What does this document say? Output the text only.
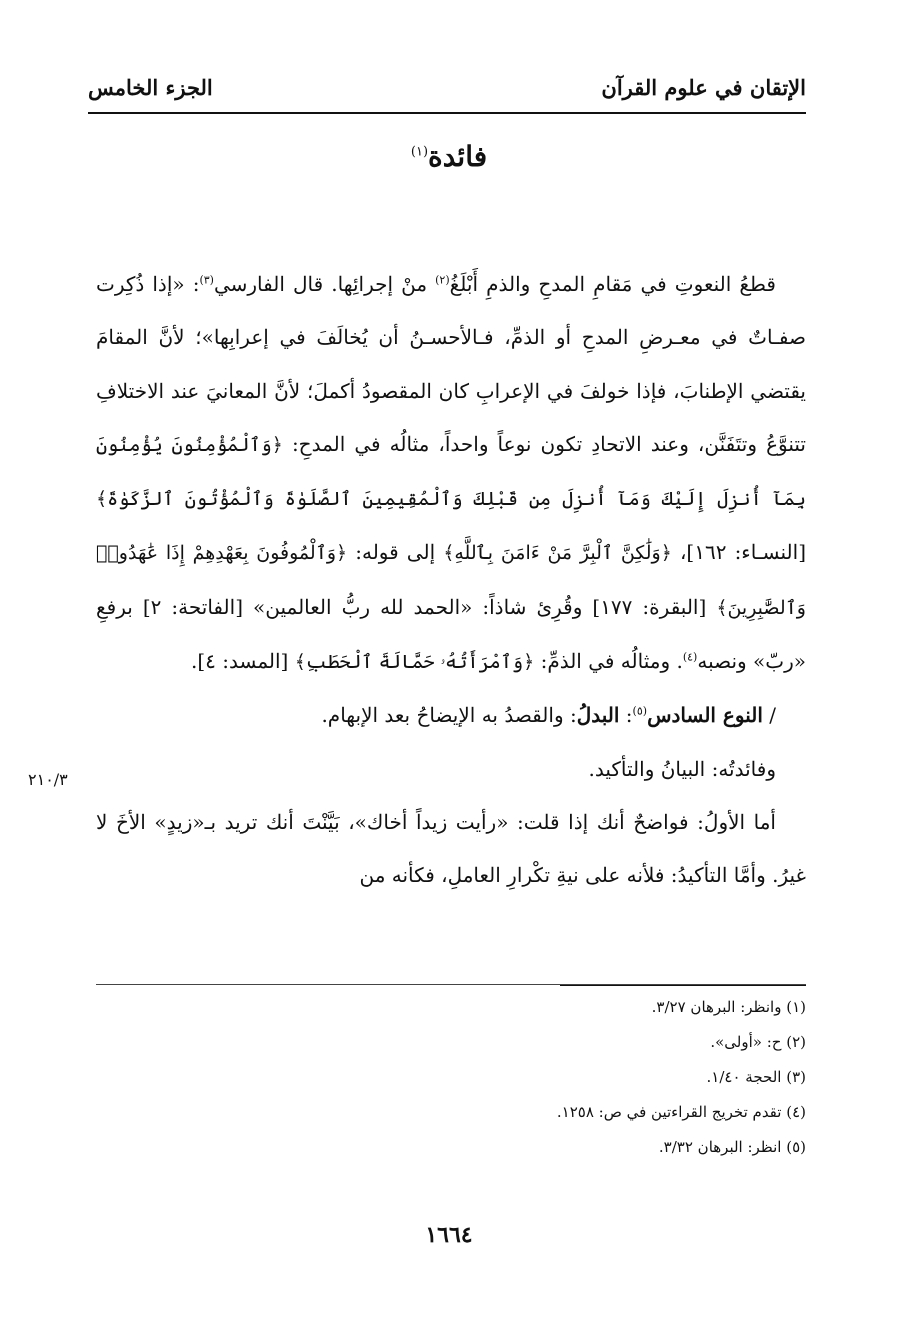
الإتقان في علوم القرآن
الجزء الخامس
فائدة$^{(١)}$
٢١٠/٣

قطعُ النعوتِ في مَقامِ المدحِ والذمِ أَبْلَغُ$^{(٢)}$ منْ إجرائِها. قال الفارسي$^{(٣)}$: «إذا ذُكِرت صفـاتٌ في معـرضِ المدحِ أو الذمِّ، فـالأحسـنُ أن يُخالَفَ في إعرابِها»؛ لأنَّ المقامَ يقتضي الإطنابَ، فإذا خولفَ في الإعرابِ كان المقصودُ أكملَ؛ لأنَّ المعانيَ عند الاختلافِ تتنوَّعُ وتتَفَنَّن، وعند الاتحادِ تكون نوعاً واحداً، مثالُه في المدحِ: ﴿وَٱلْمُؤْمِنُونَ يُؤْمِنُونَ بِمَآ أُنزِلَ إِلَيْكَ وَمَآ أُنزِلَ مِن قَبْلِكَ وَٱلْمُقِيمِينَ ٱلصَّلَوٰةَ وَٱلْمُؤْتُونَ ٱلزَّكَوٰةَ﴾ [النسـاء: ١٦٢]، ﴿وَلَٰكِنَّ ٱلْبِرَّ مَنْ ءَامَنَ بِٱللَّهِ﴾ إلى قوله: ﴿وَٱلْمُوفُونَ بِعَهْدِهِمْ إِذَا عَٰهَدُوا۟ وَٱلصَّٰبِرِينَ﴾ [البقرة: ١٧٧] وقُرِئ شاذاً: «الحمد لله ربُّ العالمين» [الفاتحة: ٢] برفعِ «ربّ» ونصبه$^{(٤)}$. ومثالُه في الذمِّ: ﴿وَٱمْرَأَتُهُۥ حَمَّالَةَ ٱلْحَطَبِ﴾ [المسد: ٤].

/ النوع السادس$^{(٥)}$: البدلُ: والقصدُ به الإيضاحُ بعد الإبهام.

وفائدتُه: البيانُ والتأكيد.

أما الأولُ: فواضحٌ أنك إذا قلت: «رأيت زيداً أخاك»، بَيَّنْتَ أنك تريد بـ«زيدٍ» الأخَ لا غيرُ. وأمَّا التأكيدُ: فلأنه على نيةِ تكْرارِ العاملِ، فكأنه من

(١) وانظر: البرهان ٣/٢٧.
(٢) ح: «أولى».
(٣) الحجة ١/٤٠.
(٤) تقدم تخريج القراءتين في ص: ١٢٥٨.
(٥) انظر: البرهان ٣/٣٢.
١٦٦٤
